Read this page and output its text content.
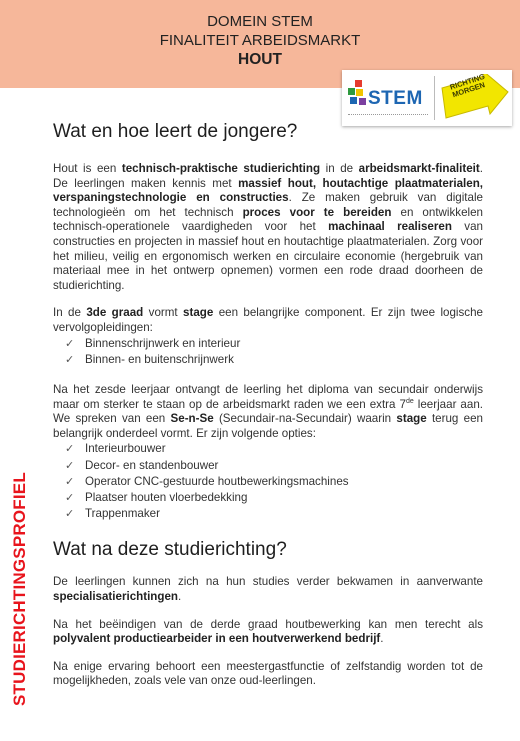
DOMEIN STEM
FINALITEIT ARBEIDSMARKT
HOUT
STEM
RICHTING MORGEN
STUDIERICHTINGSPROFIEL
Wat en hoe leert de jongere?

Hout is een technisch-praktische studierichting in de arbeidsmarkt-finaliteit. De leerlingen maken kennis met massief hout, houtachtige plaatmaterialen, verspaningstechnologie en constructies. Ze maken gebruik van digitale technologieën om het technisch proces voor te bereiden en ontwikkelen technisch-operationele vaardigheden voor het machinaal realiseren van constructies en projecten in massief hout en houtachtige plaatmaterialen. Zorg voor het milieu, veilig en ergonomisch werken en circulaire economie (hergebruik van materiaal mee in het ontwerp opnemen) vormen een rode draad doorheen de studierichting.

In de 3de graad vormt stage een belangrijke component. Er zijn twee logische vervolgopleidingen:

✓ Binnenschrijnwerk en interieur
✓ Binnen- en buitenschrijnwerk

Na het zesde leerjaar ontvangt de leerling het diploma van secundair onderwijs maar om sterker te staan op de arbeidsmarkt raden we een extra 7de leerjaar aan. We spreken van een Se-n-Se (Secundair-na-Secundair) waarin stage terug een belangrijk onderdeel vormt. Er zijn volgende opties:

✓ Interieurbouwer
✓ Decor- en standenbouwer
✓ Operator CNC-gestuurde houtbewerkingsmachines
✓ Plaatser houten vloerbedekking
✓ Trappenmaker
Wat na deze studierichting?

De leerlingen kunnen zich na hun studies verder bekwamen in aanverwante specialisatierichtingen.

Na het beëindigen van de derde graad houtbewerking kan men terecht als polyvalent productiearbeider in een houtverwerkend bedrijf.

Na enige ervaring behoort een meestergastfunctie of zelfstandig worden tot de mogelijkheden, zoals vele van onze oud-leerlingen.
